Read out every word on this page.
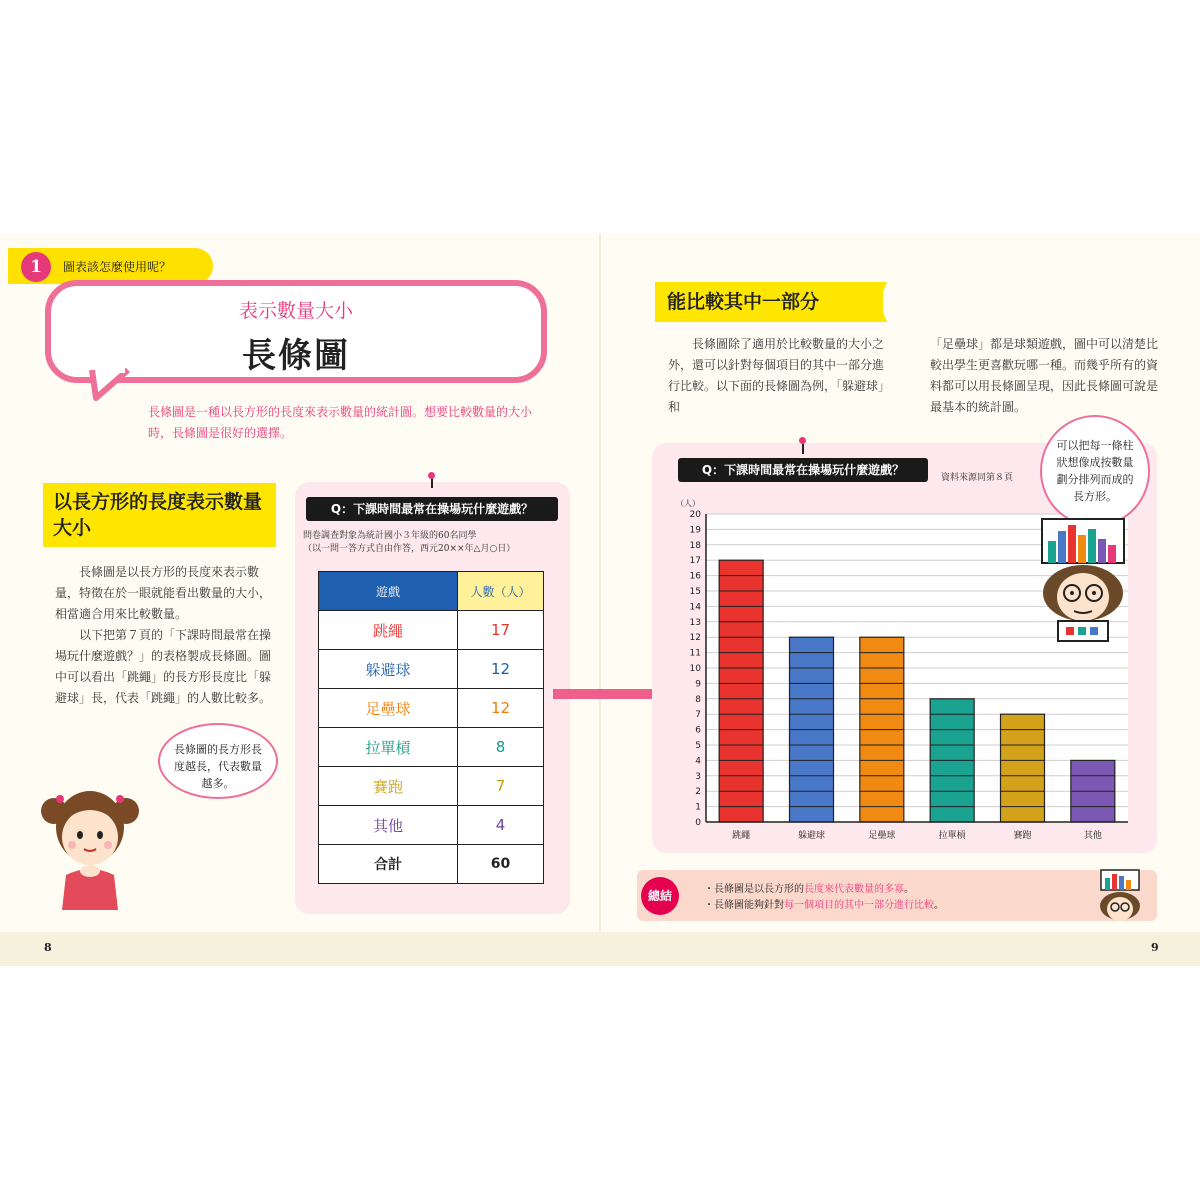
8	9
1	圖表該怎麼使用呢？
表示數量大小
長條圖
長條圖是一種以長方形的長度來表示數量的統計圖。想要比較數量的大小時，長條圖是很好的選擇。
以長方形的長度表示數量大小
長條圖是以長方形的長度來表示數量，特徵在於一眼就能看出數量的大小，相當適合用來比較數量。
以下把第７頁的「下課時間最常在操場玩什麼遊戲？」的表格製成長條圖。圖中可以看出「跳繩」的長方形長度比「躲避球」長，代表「跳繩」的人數比較多。
長條圖的長方形長度越長，代表數量越多。
Q：下課時間最常在操場玩什麼遊戲？
問卷調查對象為統計國小３年級的60名同學
（以一問一答方式自由作答，西元20××年△月○日）
遊戲	人數（人）
跳繩	17
躲避球	12
足壘球	12
拉單槓	8
賽跑	7
其他	4
合計	60
能比較其中一部分
長條圖除了適用於比較數量的大小之外，還可以針對每個項目的其中一部分進行比較。以下面的長條圖為例，「躲避球」和
「足壘球」都是球類遊戲，圖中可以清楚比較出學生更喜歡玩哪一種。而幾乎所有的資料都可以用長條圖呈現，因此長條圖可說是最基本的統計圖。
Q：下課時間最常在操場玩什麼遊戲？
資料來源同第８頁
0
1
2
3
4
5
6
7
8
9
10
11
12
13
14
15
16
17
18
19
20
（人）
跳繩	躲避球	足壘球	拉單槓	賽跑	其他
可以把每一條柱狀想像成按數量劃分排列而成的長方形。
總結	・長條圖是以長方形的長度來代表數量的多寡。
・長條圖能夠針對每一個項目的其中一部分進行比較。
